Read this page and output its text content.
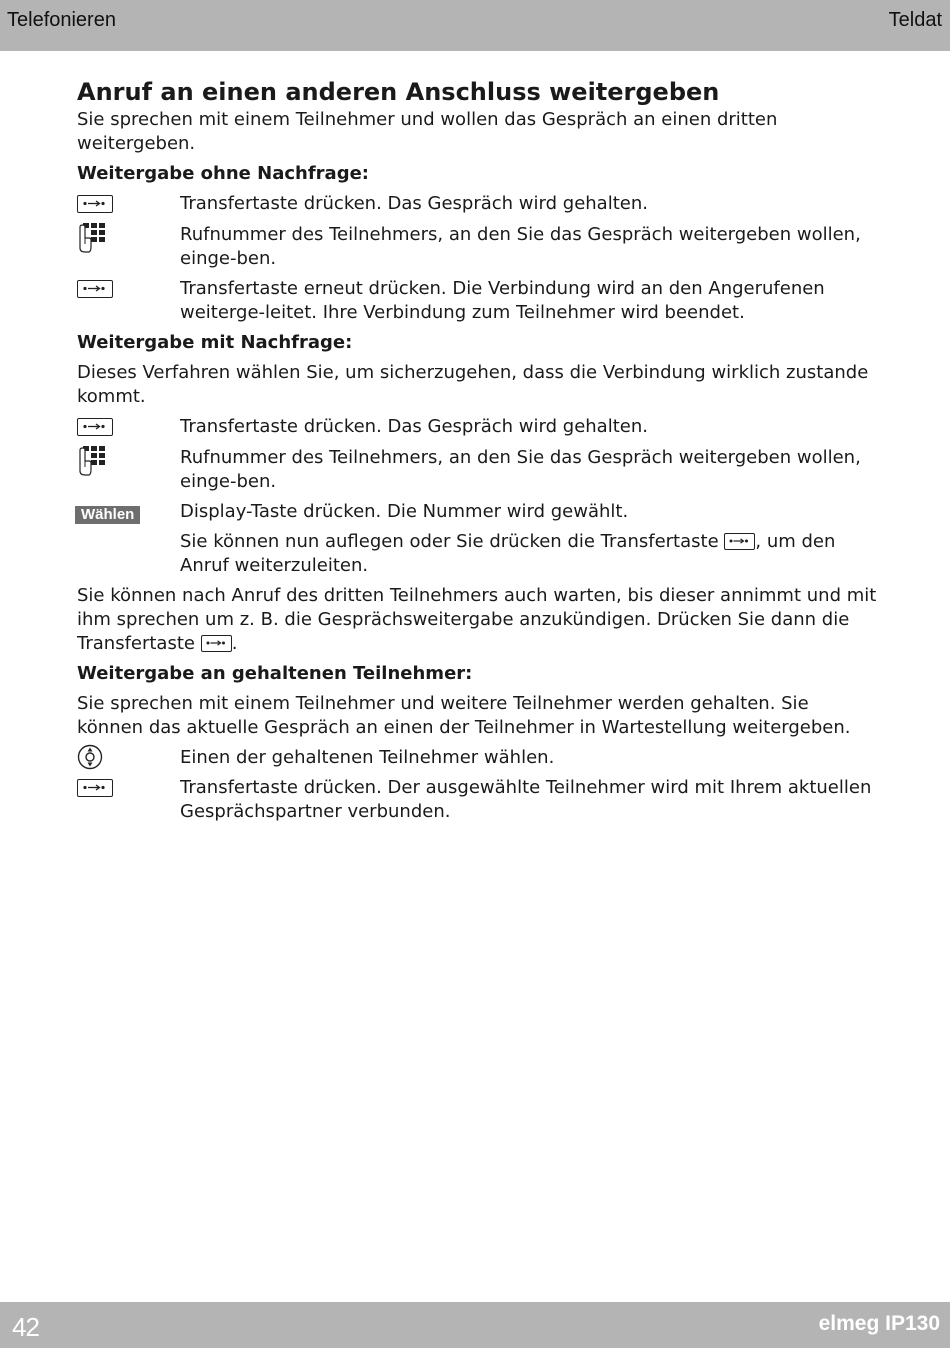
Telefonieren	Teldat

Anruf an einen anderen Anschluss weitergeben

Sie sprechen mit einem Teilnehmer und wollen das Gespräch an einen dritten weitergeben.

Weitergabe ohne Nachfrage:

Transfertaste drücken. Das Gespräch wird gehalten.
Rufnummer des Teilnehmers, an den Sie das Gespräch weitergeben wollen, einge-ben.
Transfertaste erneut drücken. Die Verbindung wird an den Angerufenen weiterge-leitet. Ihre Verbindung zum Teilnehmer wird beendet.

Weitergabe mit Nachfrage:

Dieses Verfahren wählen Sie, um sicherzugehen, dass die Verbindung wirklich zustande kommt.

Transfertaste drücken. Das Gespräch wird gehalten.
Rufnummer des Teilnehmers, an den Sie das Gespräch weitergeben wollen, einge-ben.
Wählen	Display-Taste drücken. Die Nummer wird gewählt.
Sie können nun auflegen oder Sie drücken die Transfertaste , um den Anruf weiterzuleiten.

Sie können nach Anruf des dritten Teilnehmers auch warten, bis dieser annimmt und mit ihm sprechen um z. B. die Gesprächsweitergabe anzukündigen. Drücken Sie dann die Transfertaste .

Weitergabe an gehaltenen Teilnehmer:

Sie sprechen mit einem Teilnehmer und weitere Teilnehmer werden gehalten. Sie können das aktuelle Gespräch an einen der Teilnehmer in Wartestellung weitergeben.

Einen der gehaltenen Teilnehmer wählen.
Transfertaste drücken. Der ausgewählte Teilnehmer wird mit Ihrem aktuellen Gesprächspartner verbunden.
42	elmeg IP130
